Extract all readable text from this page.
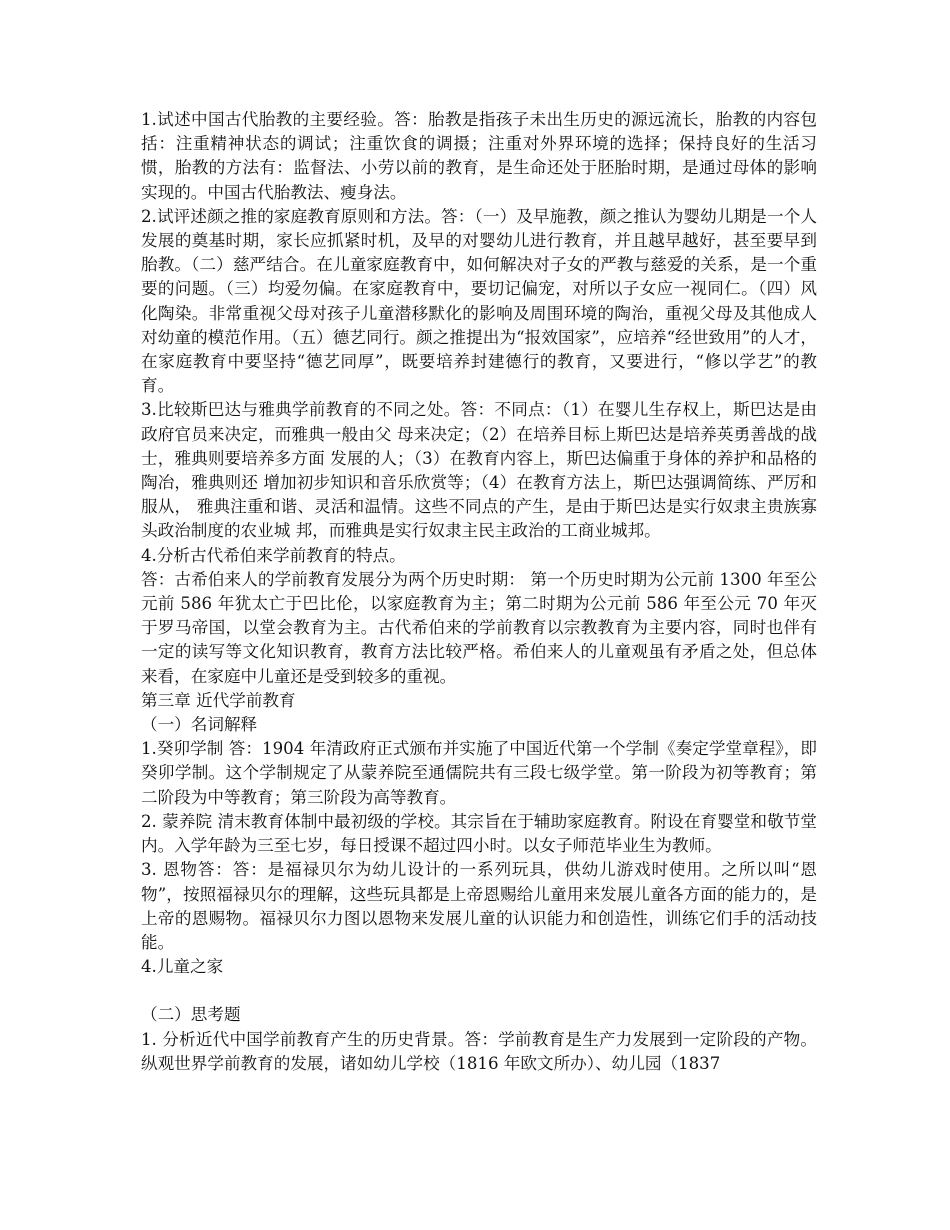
1.试述中国古代胎教的主要经验。答：胎教是指孩子未出生历史的源远流长，胎教的内容包括：注重精神状态的调试；注重饮食的调摄；注重对外界环境的选择；保持良好的生活习惯，胎教的方法有：监督法、小劳以前的教育，是生命还处于胚胎时期，是通过母体的影响实现的。中国古代胎教法、瘦身法。

2.试评述颜之推的家庭教育原则和方法。答：（一）及早施教，颜之推认为婴幼儿期是一个人发展的奠基时期，家长应抓紧时机，及早的对婴幼儿进行教育，并且越早越好，甚至要早到胎教。（二）慈严结合。在儿童家庭教育中，如何解决对子女的严教与慈爱的关系，是一个重要的问题。（三）均爱勿偏。在家庭教育中，要切记偏宠，对所以子女应一视同仁。（四）风化陶染。非常重视父母对孩子儿童潜移默化的影响及周围环境的陶治，重视父母及其他成人对幼童的模范作用。（五）德艺同行。颜之推提出为“报效国家”，应培养“经世致用”的人才，在家庭教育中要坚持“德艺同厚”，既要培养封建德行的教育，又要进行，“修以学艺”的教育。

3.比较斯巴达与雅典学前教育的不同之处。答：不同点：（1）在婴儿生存权上，斯巴达是由政府官员来决定，而雅典一般由父 母来决定；（2）在培养目标上斯巴达是培养英勇善战的战士，雅典则要培养多方面 发展的人；（3）在教育内容上，斯巴达偏重于身体的养护和品格的陶冶，雅典则还 增加初步知识和音乐欣赏等；（4）在教育方法上，斯巴达强调简练、严厉和服从， 雅典注重和谐、灵活和温情。这些不同点的产生，是由于斯巴达是实行奴隶主贵族寡头政治制度的农业城 邦，而雅典是实行奴隶主民主政治的工商业城邦。

4.分析古代希伯来学前教育的特点。

答：古希伯来人的学前教育发展分为两个历史时期： 第一个历史时期为公元前 1300 年至公元前 586 年犹太亡于巴比伦，以家庭教育为主；第二时期为公元前 586 年至公元 70 年灭于罗马帝国，以堂会教育为主。古代希伯来的学前教育以宗教教育为主要内容，同时也伴有一定的读写等文化知识教育，教育方法比较严格。希伯来人的儿童观虽有矛盾之处，但总体来看，在家庭中儿童还是受到较多的重视。

第三章 近代学前教育

（一）名词解释

1.癸卯学制 答：1904 年清政府正式颁布并实施了中国近代第一个学制《奏定学堂章程》，即癸卯学制。这个学制规定了从蒙养院至通儒院共有三段七级学堂。第一阶段为初等教育；第二阶段为中等教育；第三阶段为高等教育。

2. 蒙养院 清末教育体制中最初级的学校。其宗旨在于辅助家庭教育。附设在育婴堂和敬节堂内。入学年龄为三至七岁，每日授课不超过四小时。以女子师范毕业生为教师。

3. 恩物答：答：是福禄贝尔为幼儿设计的一系列玩具，供幼儿游戏时使用。之所以叫“恩物”，按照福禄贝尔的理解，这些玩具都是上帝恩赐给儿童用来发展儿童各方面的能力的，是上帝的恩赐物。福禄贝尔力图以恩物来发展儿童的认识能力和创造性，训练它们手的活动技能。

4.儿童之家

（二）思考题

1. 分析近代中国学前教育产生的历史背景。答：学前教育是生产力发展到一定阶段的产物。纵观世界学前教育的发展，诸如幼儿学校（1816 年欧文所办）、幼儿园（1837
